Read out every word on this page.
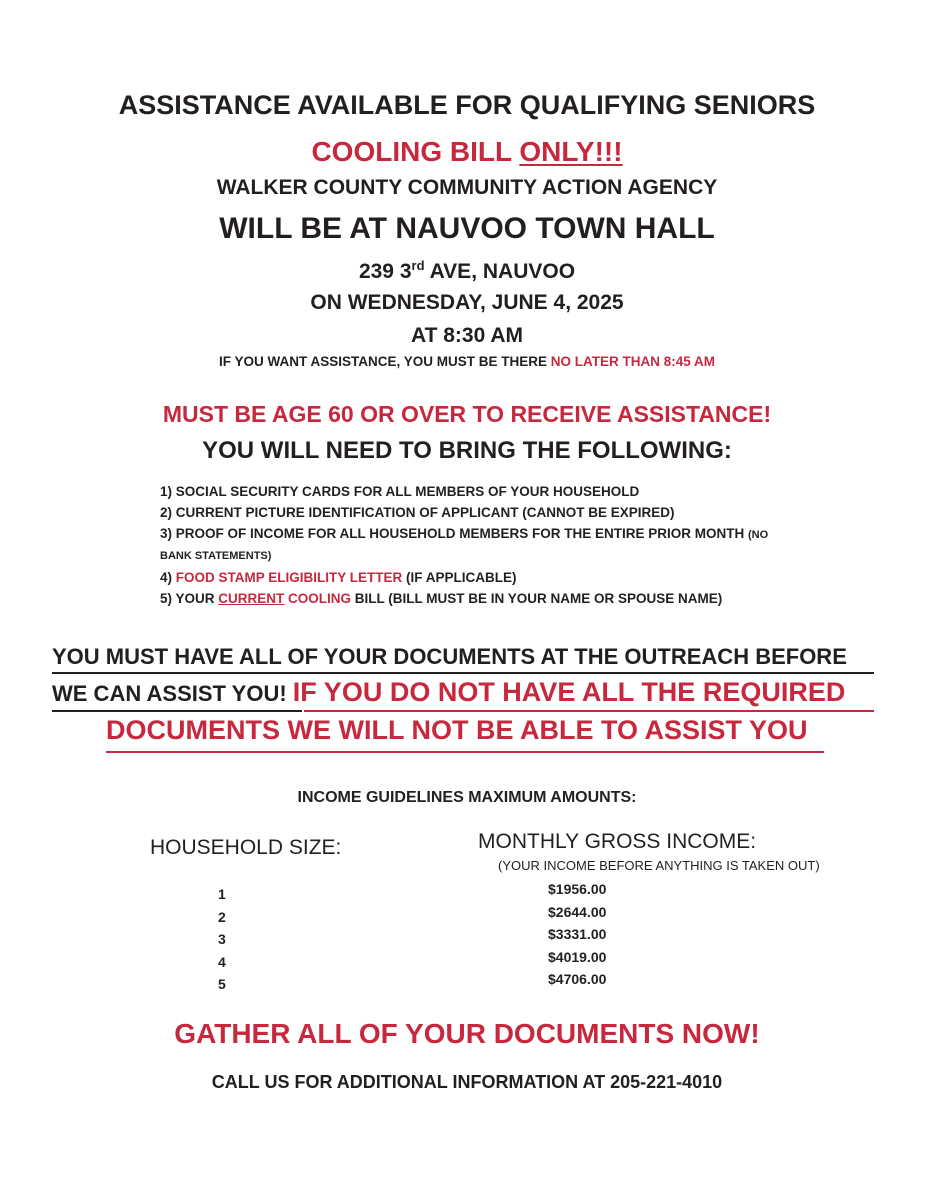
ASSISTANCE AVAILABLE FOR QUALIFYING SENIORS
COOLING BILL ONLY!!!
WALKER COUNTY COMMUNITY ACTION AGENCY
WILL BE AT NAUVOO TOWN HALL
239 3rd AVE, NAUVOO
ON WEDNESDAY, JUNE 4, 2025
AT 8:30 AM
IF YOU WANT ASSISTANCE, YOU MUST BE THERE NO LATER THAN 8:45 AM
MUST BE AGE 60 OR OVER TO RECEIVE ASSISTANCE!
YOU WILL NEED TO BRING THE FOLLOWING:
1) SOCIAL SECURITY CARDS FOR ALL MEMBERS OF YOUR HOUSEHOLD
2) CURRENT PICTURE IDENTIFICATION OF APPLICANT (CANNOT BE EXPIRED)
3) PROOF OF INCOME FOR ALL HOUSEHOLD MEMBERS FOR THE ENTIRE PRIOR MONTH (NO
BANK STATEMENTS)
4) FOOD STAMP ELIGIBILITY LETTER (IF APPLICABLE)
5) YOUR CURRENT COOLING BILL (BILL MUST BE IN YOUR NAME OR SPOUSE NAME)
YOU MUST HAVE ALL OF YOUR DOCUMENTS AT THE OUTREACH BEFORE
WE CAN ASSIST YOU! IF YOU DO NOT HAVE ALL THE REQUIRED
DOCUMENTS WE WILL NOT BE ABLE TO ASSIST YOU
INCOME GUIDELINES MAXIMUM AMOUNTS:
HOUSEHOLD SIZE:	MONTHLY GROSS INCOME:
(YOUR INCOME BEFORE ANYTHING IS TAKEN OUT)
1
2
3
4
5
$1956.00
$2644.00
$3331.00
$4019.00
$4706.00
GATHER ALL OF YOUR DOCUMENTS NOW!
CALL US FOR ADDITIONAL INFORMATION AT 205-221-4010
